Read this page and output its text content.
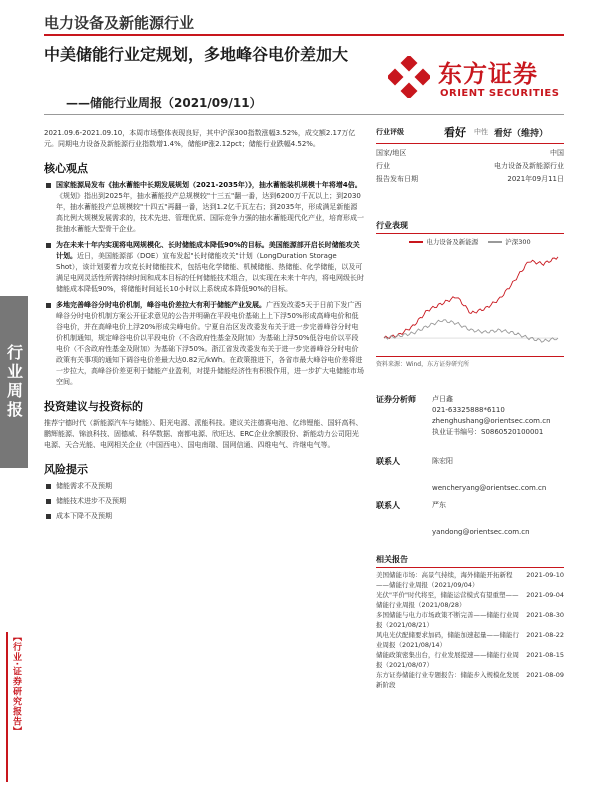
电力设备及新能源行业
中美储能行业定规划，多地峰谷电价差加大
——储能行业周报（2021/09/11）
东方证券
ORIENT SECURITIES
行业周报
【行业·证券研究报告】

2021.09.6-2021.09.10，本周市场整体表现良好，其中沪深300指数涨幅3.52%，成交额2.17万亿元。同期电力设备及新能源行业指数增1.4%，储能IP涨2.12pct；储能行业跌幅4.52%。

核心观点

国家能源局发布《抽水蓄能中长期发展规划（2021-2035年）》，抽水蓄能装机规模十年将增4倍。《规划》指出到2025年，抽水蓄能投产总规模较"十三五"翻一番，达到6200万千瓦以上；到2030年，抽水蓄能投产总规模较"十四五"再翻一番，达到1.2亿千瓦左右；到2035年，形成满足新能源高比例大规模发展需求的，技术先进、管理优质、国际竞争力强的抽水蓄能现代化产业，培育形成一批抽水蓄能大型骨干企业。
为在未来十年内实现将电网规模化、长时储能成本降低90%的目标。美国能源部开启长时储能攻关计划。近日，美国能源部（DOE）宣布发起"长时储能攻关"计划（LongDuration Storage Shot），该计划要着力攻克长时储能技术，包括电化学储能、机械储能、热储能、化学储能，以及可满足电网灵活性所需持续时间和成本目标的任何储能技术组合，以实现在未来十年内，将电网级长时储能成本降低90%，将储能时间延长10小时以上系统成本降低90%的目标。
多地完善峰谷分时电价机制，峰谷电价差拉大有利于储能产业发展。广西发改委5天于日前下发广西峰谷分时电价机制方案公开征求意见的公告并明确在平段电价基础上上下浮50%形成高峰电价和低谷电价，并在高峰电价上浮20%形成尖峰电价。宁夏自治区发改委发布关于进一步完善峰谷分时电价机制通知，规定峰谷电价以平段电价（不含政府性基金及附加）为基础上浮50%低谷电价以平段电价（不含政府性基金及附加）为基础下浮50%。浙江省发改委发布关于进一步完善峰谷分时电价政策有关事项的通知下调谷电价差最大达0.82元/kWh。在政策推进下，各省市最大峰谷电价差将进一步拉大，高峰谷价差更利于储能产业盈利，对提升储能经济性有积极作用，进一步扩大电储能市场空间。

投资建议与投资标的

推荐宁德时代（新能源汽车与储能）、阳光电源、派能科技。建议关注德赛电池、亿纬锂能、国轩高科、鹏辉能源、锦浪科技、固德威、科华数据、南都电源、欣旺达、ERC企业余额股份、新能动力公司阳光电源、天合光能、电网相关企业（中国西电）、国电南瑞、国网信通、四维电气、许继电气等。

风险提示

储能需求不及预期
储能技术进步不及预期
成本下降不及预期
行业评级	看好 中性 看好（维持）
国家/地区	中国
行业	电力设备及新能源行业
报告发布日期	2021年09月11日
行业表现
电力设备及新能源	沪深300
资料来源：Wind，东方证券研究所
证券分析师	卢日鑫
021-63325888*6110
zhenghushang@orientsec.com.cn
执业证书编号：S0860520100001
联系人	陈宏阳
wencheryang@orientsec.com.cn
联系人	严东
yandong@orientsec.com.cn
相关报告
美国储能市场：高景气持续，海外储能开拓新程——储能行业周报（2021/09/04）
2021-09-10
光伏"平价"时代将至，储能运营模式有望重塑——储能行业周报（2021/08/28）
2021-09-04
多国储能与电力市场政策不断完善——储能行业周报（2021/08/21）
2021-08-30
风电光伏配储要求加码，储能加速起量——储能行业周报（2021/08/14）
2021-08-22
储能政策密集出台，行业发展提速——储能行业周报（2021/08/07）
2021-08-15
东方证券储能行业专题报告：储能步入规模化发展新阶段
2021-08-09
